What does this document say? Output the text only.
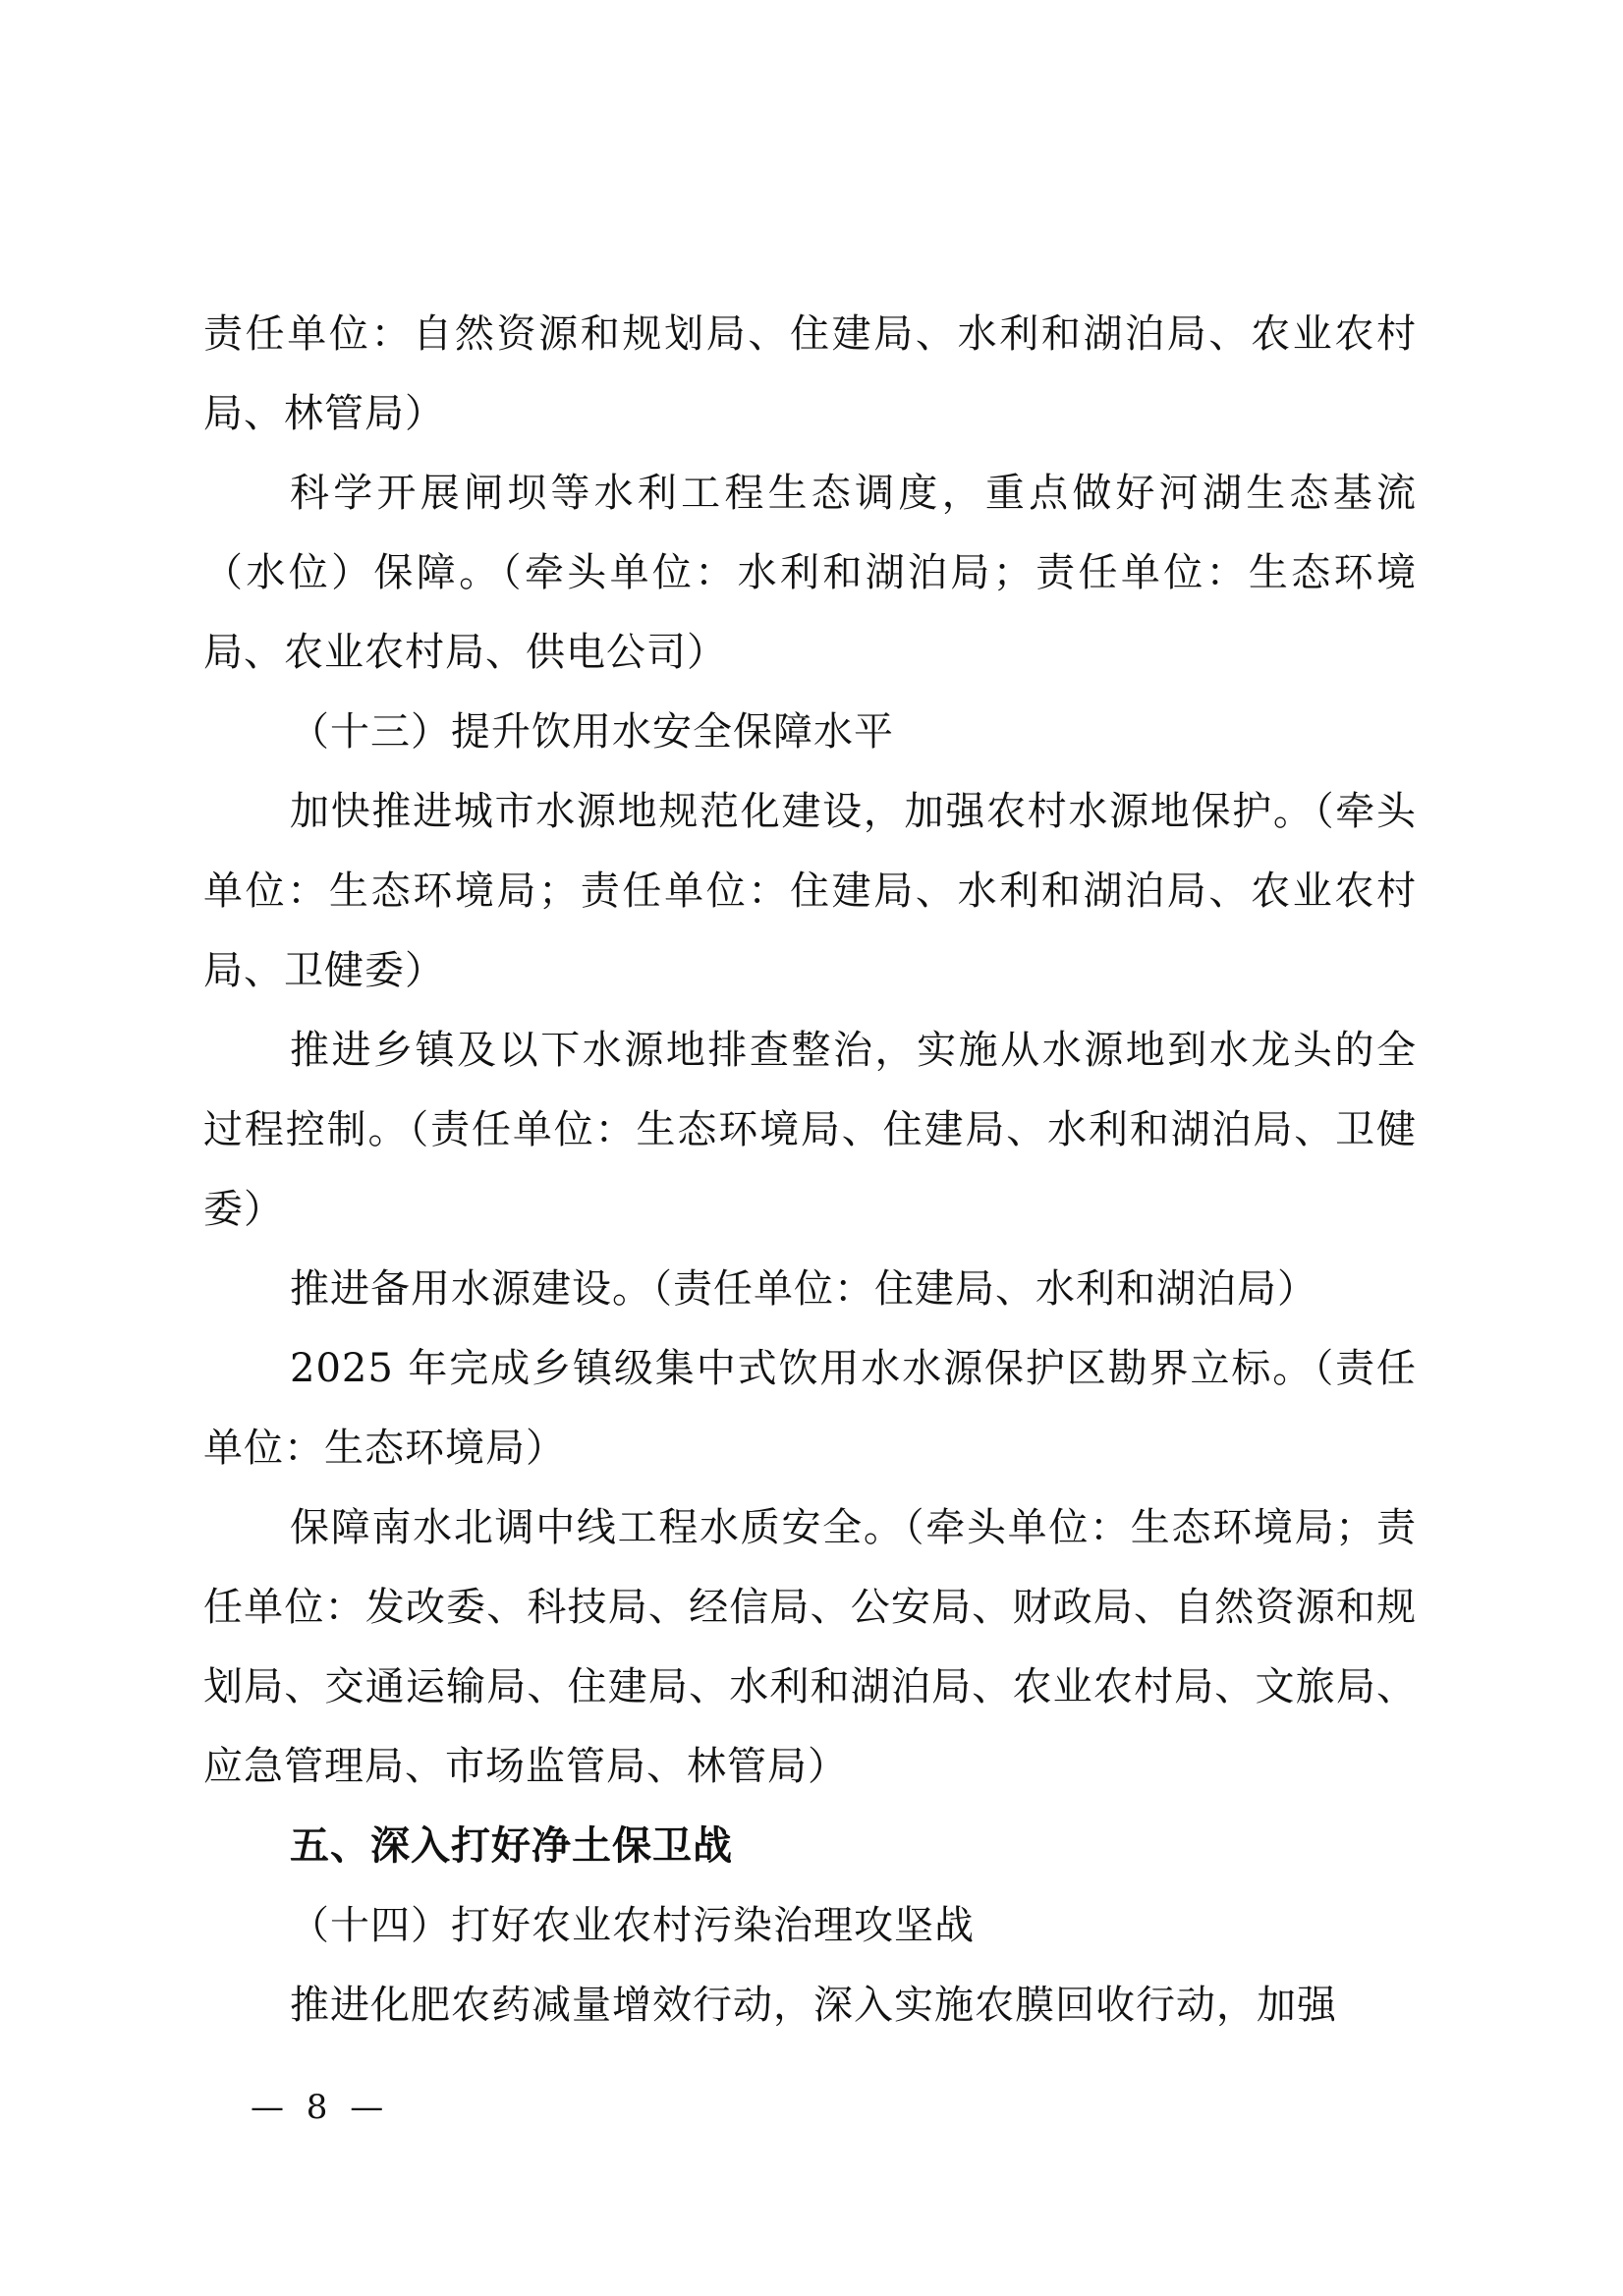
责任单位：自然资源和规划局、住建局、水利和湖泊局、农业农村局、林管局）

科学开展闸坝等水利工程生态调度，重点做好河湖生态基流（水位）保障。（牵头单位：水利和湖泊局；责任单位：生态环境局、农业农村局、供电公司）

（十三）提升饮用水安全保障水平

加快推进城市水源地规范化建设，加强农村水源地保护。（牵头单位：生态环境局；责任单位：住建局、水利和湖泊局、农业农村局、卫健委）

推进乡镇及以下水源地排查整治，实施从水源地到水龙头的全过程控制。（责任单位：生态环境局、住建局、水利和湖泊局、卫健委）

推进备用水源建设。（责任单位：住建局、水利和湖泊局）

2025 年完成乡镇级集中式饮用水水源保护区勘界立标。（责任单位：生态环境局）

保障南水北调中线工程水质安全。（牵头单位：生态环境局；责任单位：发改委、科技局、经信局、公安局、财政局、自然资源和规划局、交通运输局、住建局、水利和湖泊局、农业农村局、文旅局、应急管理局、市场监管局、林管局）

五、深入打好净土保卫战

（十四）打好农业农村污染治理攻坚战

推进化肥农药减量增效行动，深入实施农膜回收行动，加强

— 8 —
